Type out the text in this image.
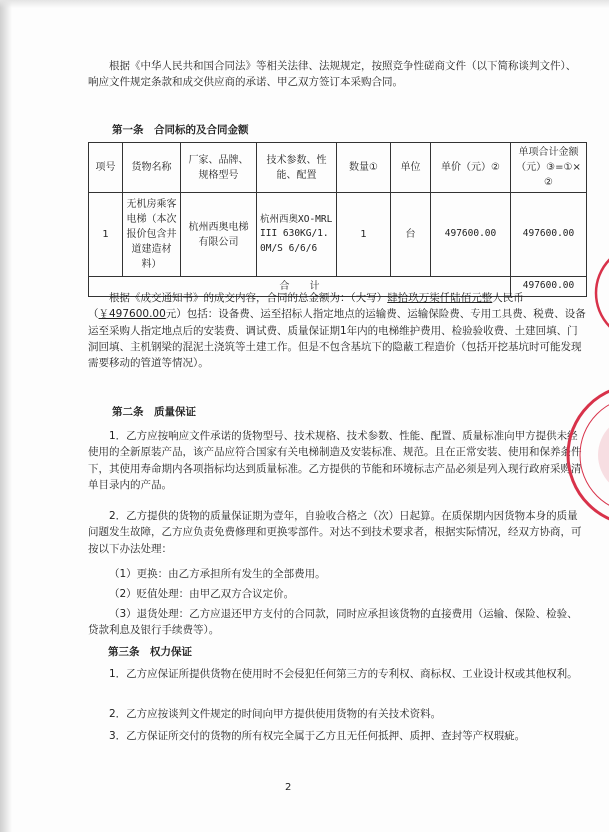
根据《中华人民共和国合同法》等相关法律、法规规定，按照竞争性磋商文件（以下简称谈判文件）、响应文件规定条款和成交供应商的承诺、甲乙双方签订本采购合同。

第一条　合同标的及合同金额

项号	货物名称	厂家、品牌、规格型号	技术参数、性能、配置	数量①	单位	单价（元）②	单项合计金额（元）③=①×②
1	无机房乘客电梯（本次报价包含井道建造材料）	杭州西奥电梯有限公司	杭州西奥XO-MRLIII 630KG/1.0M/S 6/6/6	1	台	497600.00	497600.00
合　　计							497600.00

根据《成交通知书》的成交内容，合同的总金额为：（大写）肆拾玖万柒仟陆佰元整人民币（￥497600.00元）包括：设备费、运至招标人指定地点的运输费、运输保险费、专用工具费、税费、设备运至采购人指定地点后的安装费、调试费、质量保证期1年内的电梯维护费用、检验验收费、土建回填、门洞回填、主机钢梁的混泥土浇筑等土建工作。但是不包含基坑下的隐蔽工程造价（包括开挖基坑时可能发现需要移动的管道等情况）。

第二条　质量保证

1．乙方应按响应文件承诺的货物型号、技术规格、技术参数、性能、配置、质量标准向甲方提供未经使用的全新原装产品，该产品应符合国家有关电梯制造及安装标准、规范。且在正常安装、使用和保养条件下，其使用寿命期内各项指标均达到质量标准。乙方提供的节能和环境标志产品必须是列入现行政府采购清单目录内的产品。

2．乙方提供的货物的质量保证期为壹年，自验收合格之（次）日起算。在质保期内因货物本身的质量问题发生故障，乙方应负责免费修理和更换零部件。对达不到技术要求者，根据实际情况，经双方协商，可按以下办法处理：

（1）更换：由乙方承担所有发生的全部费用。

（2）贬值处理：由甲乙双方合议定价。

（3）退货处理：乙方应退还甲方支付的合同款，同时应承担该货物的直接费用（运输、保险、检验、贷款利息及银行手续费等）。

第三条　权力保证

1．乙方应保证所提供货物在使用时不会侵犯任何第三方的专利权、商标权、工业设计权或其他权利。

2．乙方应按谈判文件规定的时间向甲方提供使用货物的有关技术资料。

3．乙方保证所交付的货物的所有权完全属于乙方且无任何抵押、质押、查封等产权瑕疵。

2
